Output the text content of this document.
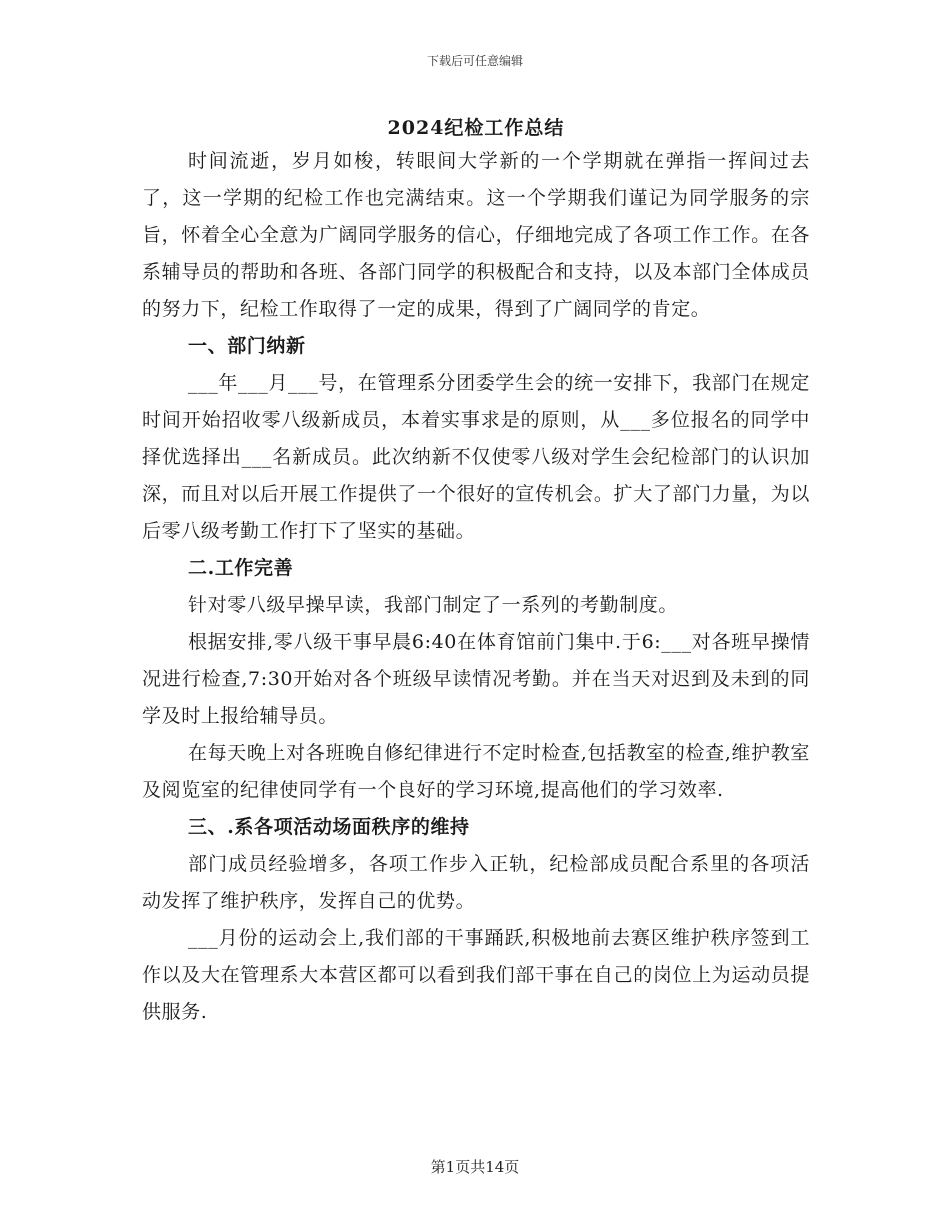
下载后可任意编辑
2024纪检工作总结

时间流逝，岁月如梭，转眼间大学新的一个学期就在弹指一挥间过去了，这一学期的纪检工作也完满结束。这一个学期我们谨记为同学服务的宗旨，怀着全心全意为广阔同学服务的信心，仔细地完成了各项工作工作。在各系辅导员的帮助和各班、各部门同学的积极配合和支持，以及本部门全体成员的努力下，纪检工作取得了一定的成果，得到了广阔同学的肯定。

一、部门纳新

___年___月___号，在管理系分团委学生会的统一安排下，我部门在规定时间开始招收零八级新成员，本着实事求是的原则，从___多位报名的同学中择优选择出___名新成员。此次纳新不仅使零八级对学生会纪检部门的认识加深，而且对以后开展工作提供了一个很好的宣传机会。扩大了部门力量，为以后零八级考勤工作打下了坚实的基础。

二.工作完善

针对零八级早操早读，我部门制定了一系列的考勤制度。

根据安排,零八级干事早晨6:40在体育馆前门集中.于6:___对各班早操情况进行检查,7:30开始对各个班级早读情况考勤。并在当天对迟到及未到的同学及时上报给辅导员。

在每天晚上对各班晚自修纪律进行不定时检查,包括教室的检查,维护教室及阅览室的纪律使同学有一个良好的学习环境,提高他们的学习效率.

三、.系各项活动场面秩序的维持

部门成员经验增多，各项工作步入正轨，纪检部成员配合系里的各项活动发挥了维护秩序，发挥自己的优势。

___月份的运动会上,我们部的干事踊跃,积极地前去赛区维护秩序签到工作以及大在管理系大本营区都可以看到我们部干事在自己的岗位上为运动员提供服务.

第1页共14页
